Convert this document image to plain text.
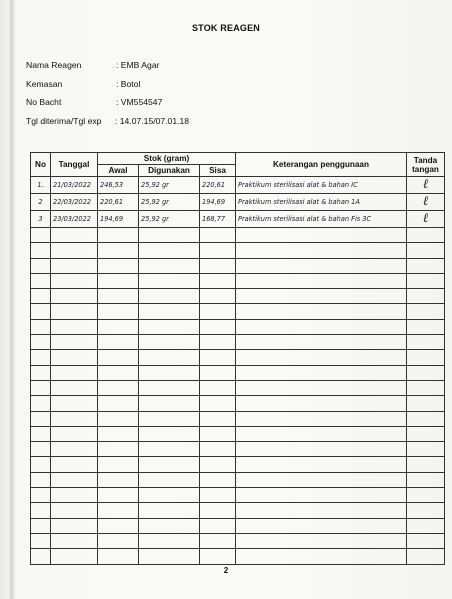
STOK REAGEN
Nama Reagen	: EMB Agar
Kemasan	: Botol
No Bacht	: VM554547
Tgl diterima/Tgl exp : 14.07.15/07.01.18
No	Tanggal	Stok (gram)			Keterangan penggunaan	Tanda tangan
		Awal	Digunakan	Sisa		
1.	21/03/2022	246,53	25,92 gr	220,61	Praktikum sterilisasi alat & bahan IC	ℓ
2	22/03/2022	220,61	25,92 gr	194,69	Praktikum sterilisasi alat & bahan 1A	ℓ
3	23/03/2022	194,69	25,92 gr	168,77	Praktikum sterilisasi alat & bahan Fis 3C	ℓ

2
